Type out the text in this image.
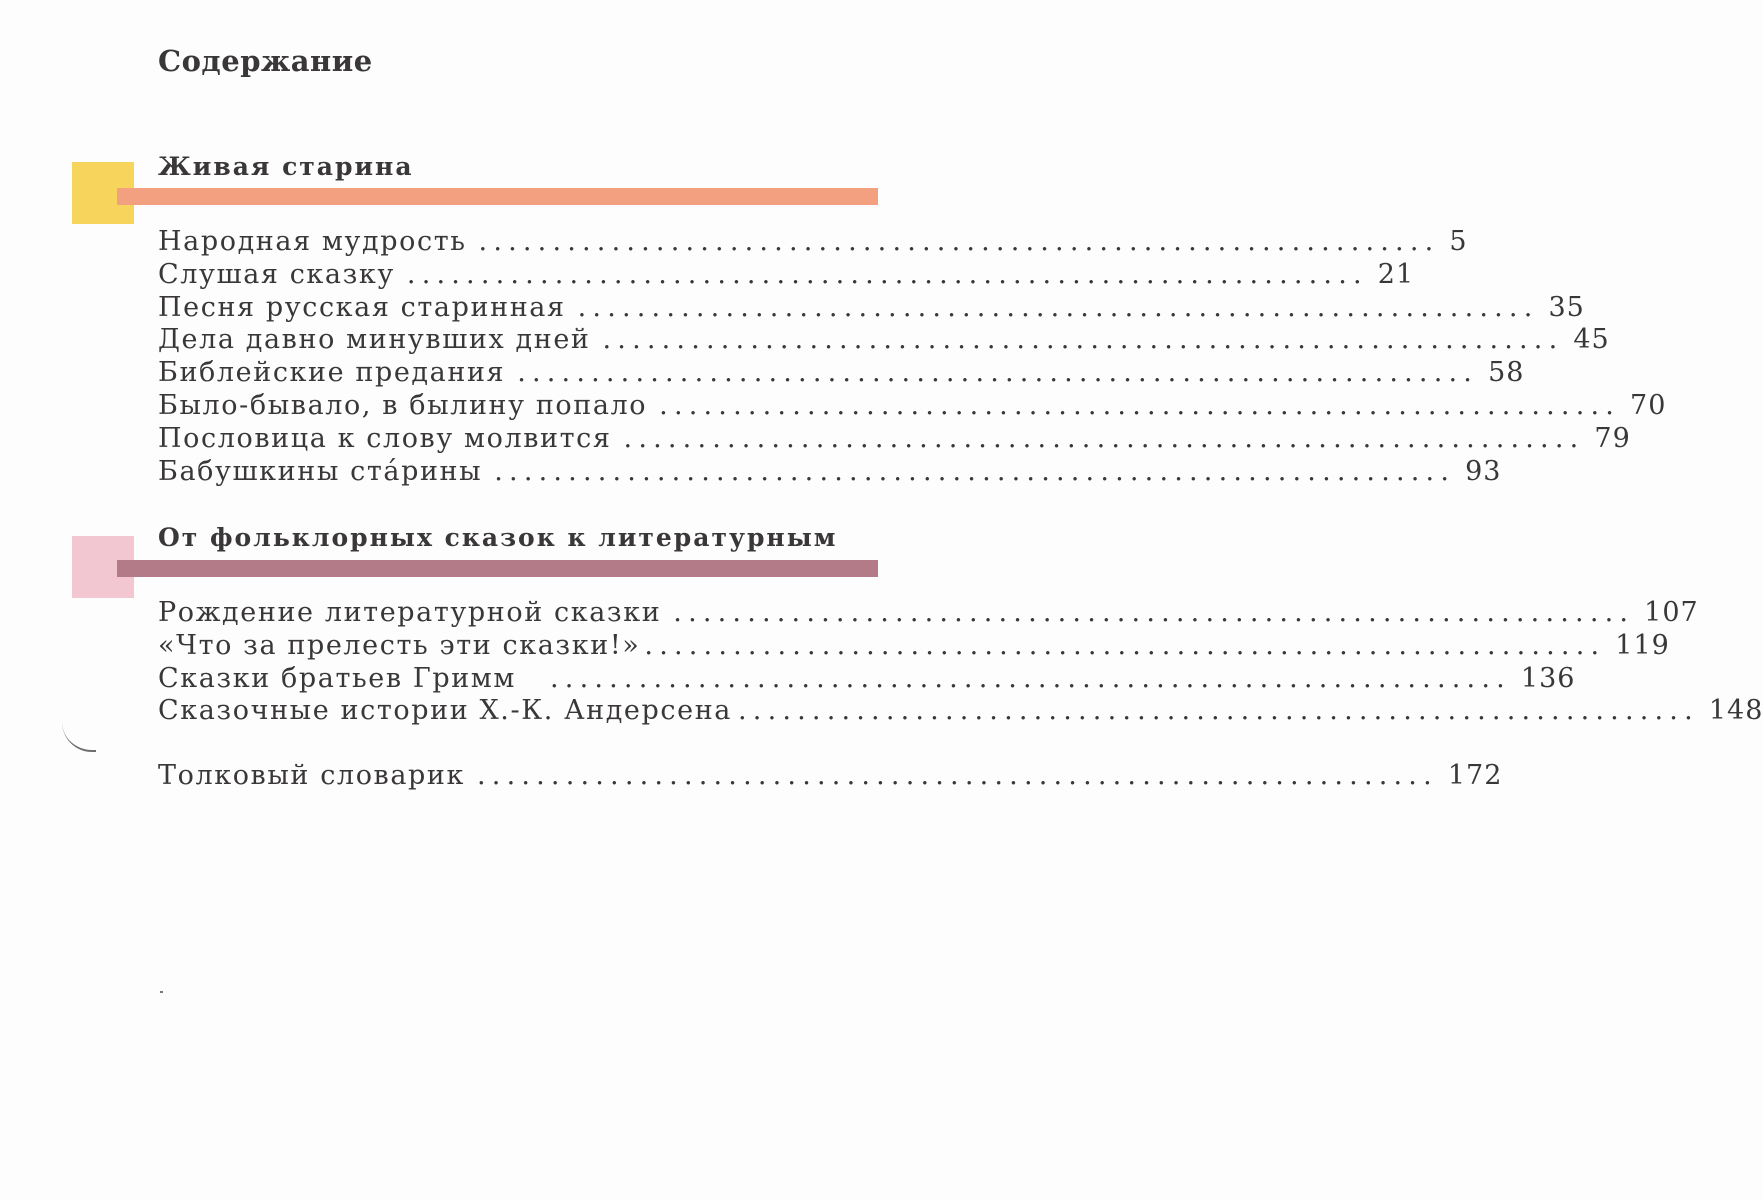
Содержание
Живая старина
Народная мудрость ................................................................. 5
Слушая сказку ................................................................. 21
Песня русская старинная ................................................................. 35
Дела давно минувших дней ................................................................. 45
Библейские предания ................................................................. 58
Было-бывало, в былину попало ................................................................. 70
Пословица к слову молвится ................................................................. 79
Бабушкины ста́рины ................................................................. 93
От фольклорных сказок к литературным
Рождение литературной сказки ................................................................. 107
«Что за прелесть эти сказки!» ................................................................. 119
Сказки братьев Гримм ................................................................. 136
Сказочные истории Х.-К. Андерсена ................................................................. 148
Толковый словарик ................................................................. 172
